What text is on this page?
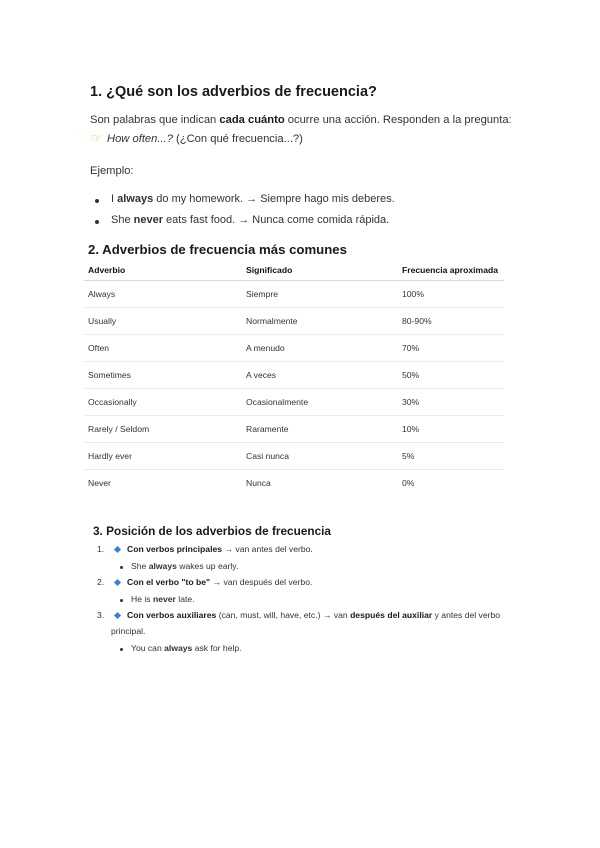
1. ¿Qué son los adverbios de frecuencia?
Son palabras que indican cada cuánto ocurre una acción. Responden a la pregunta:
☞ How often...? (¿Con qué frecuencia...?)
Ejemplo:
I always do my homework. → Siempre hago mis deberes.
She never eats fast food. → Nunca come comida rápida.
2. Adverbios de frecuencia más comunes
Adverbio	Significado	Frecuencia aproximada
Always	Siempre	100%
Usually	Normalmente	80-90%
Often	A menudo	70%
Sometimes	A veces	50%
Occasionally	Ocasionalmente	30%
Rarely / Seldom	Raramente	10%
Hardly ever	Casi nunca	5%
Never	Nunca	0%
3. Posición de los adverbios de frecuencia
1.	Con verbos principales → van antes del verbo.
She always wakes up early.
2.	Con el verbo "to be" → van después del verbo.
He is never late.
3.	Con verbos auxiliares (can, must, will, have, etc.) → van después del auxiliar y antes del verbo
principal.
You can always ask for help.
